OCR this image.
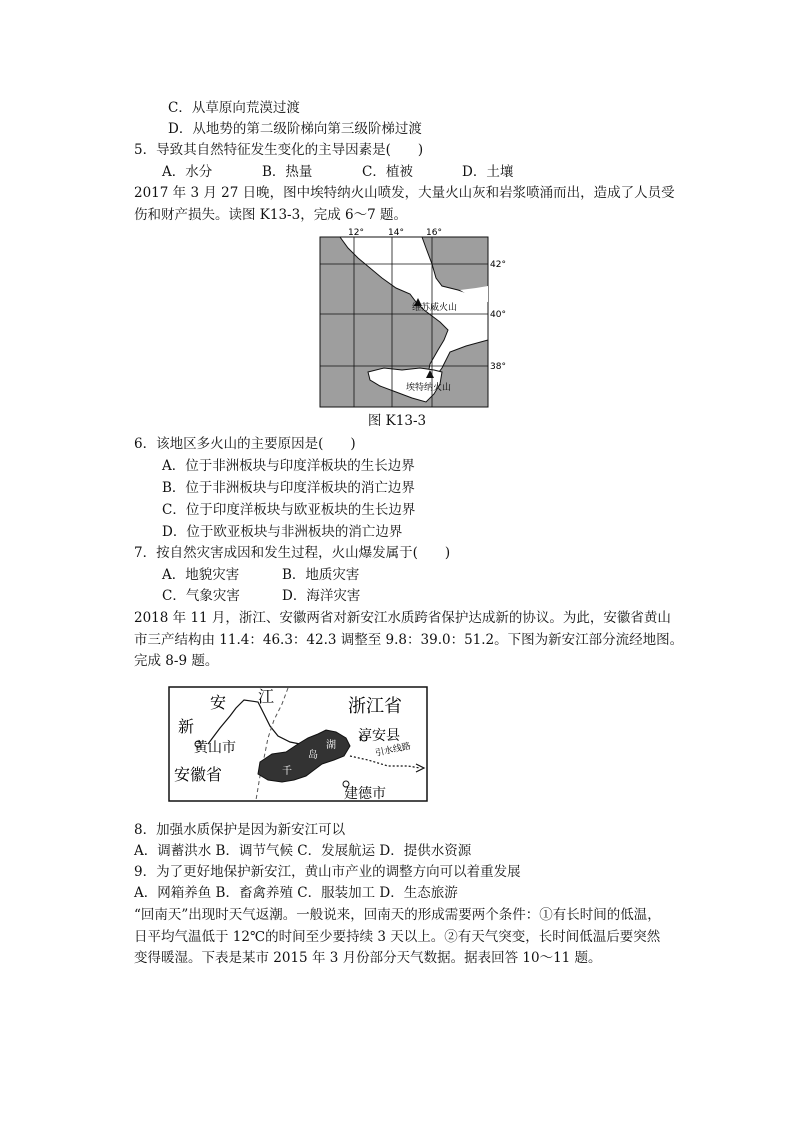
C．从草原向荒漠过渡
D．从地势的第二级阶梯向第三级阶梯过渡
5．导致其自然特征发生变化的主导因素是(　　)
A．水分	B．热量	C．植被	D．土壤
2017 年 3 月 27 日晚，图中埃特纳火山喷发，大量火山灰和岩浆喷涌而出，造成了人员受
伤和财产损失。读图 K13-3，完成 6～7 题。
12°	14° 16°
42°
40°
38°
维苏威火山
埃特纳火山
图 K13-3
6．该地区多火山的主要原因是(　　)
A．位于非洲板块与印度洋板块的生长边界
B．位于非洲板块与印度洋板块的消亡边界
C．位于印度洋板块与欧亚板块的生长边界
D．位于欧亚板块与非洲板块的消亡边界
7．按自然灾害成因和发生过程，火山爆发属于(　　)
A．地貌灾害	B．地质灾害
C．气象灾害	D．海洋灾害
2018 年 11 月，浙江、安徽两省对新安江水质跨省保护达成新的协议。为此，安徽省黄山
市三产结构由 11.4：46.3：42.3 调整至 9.8：39.0：51.2。下图为新安江部分流经地图。
完成 8-9 题。
安 江
新
浙江省
安徽省
黄山市
淳安县
建德市
千
岛
湖	引水线路
8．加强水质保护是因为新安江可以
A．调蓄洪水 B．调节气候 C．发展航运 D．提供水资源
9．为了更好地保护新安江，黄山市产业的调整方向可以着重发展
A．网箱养鱼 B．畜禽养殖 C．服装加工 D．生态旅游
“回南天”出现时天气返潮。一般说来，回南天的形成需要两个条件：①有长时间的低温，
日平均气温低于 12℃的时间至少要持续 3 天以上。②有天气突变，长时间低温后要突然
变得暖湿。下表是某市 2015 年 3 月份部分天气数据。据表回答 10～11 题。
